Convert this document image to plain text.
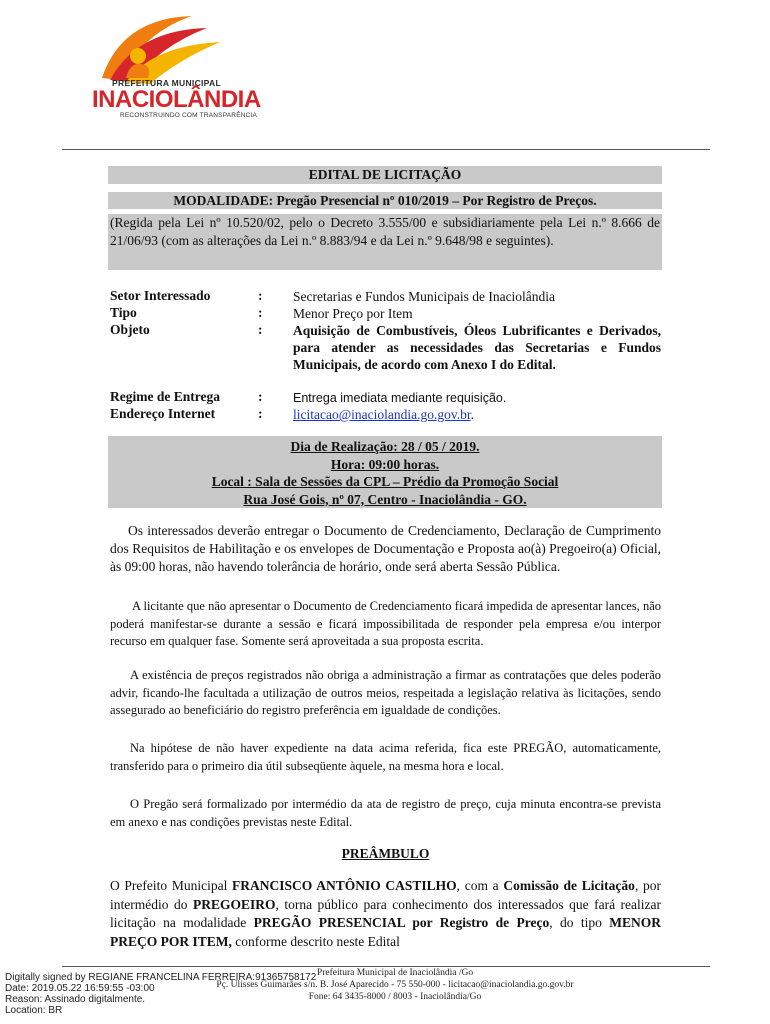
PREFEITURA MUNICIPAL
INACIOLÂNDIA
RECONSTRUINDO COM TRANSPARÊNCIA
EDITAL DE LICITAÇÃO
MODALIDADE: Pregão Presencial nº 010/2019 – Por Registro de Preços.
(Regida pela Lei nº 10.520/02, pelo o Decreto 3.555/00 e subsidiariamente pela Lei n.º 8.666 de 21/06/93 (com as alterações da Lei n.º 8.883/94 e da Lei n.º 9.648/98 e seguintes).
Setor Interessado	: Secretarias e Fundos Municipais de Inaciolândia
Tipo	: Menor Preço por Item
Objeto	: Aquisição de Combustíveis, Óleos Lubrificantes e Derivados, para atender as necessidades das Secretarias e Fundos Municipais, de acordo com Anexo I do Edital.
Regime de Entrega	: Entrega imediata mediante requisição.
Endereço Internet	: licitacao@inaciolandia.go.gov.br.
Dia de Realização: 28 / 05 / 2019.
Hora: 09:00 horas.
Local : Sala de Sessões da CPL – Prédio da Promoção Social
Rua José Gois, nº 07, Centro - Inaciolândia - GO.
Os interessados deverão entregar o Documento de Credenciamento, Declaração de Cumprimento dos Requisitos de Habilitação e os envelopes de Documentação e Proposta ao(à) Pregoeiro(a) Oficial, às 09:00 horas, não havendo tolerância de horário, onde será aberta Sessão Pública.
A licitante que não apresentar o Documento de Credenciamento ficará impedida de apresentar lances, não poderá manifestar-se durante a sessão e ficará impossibilitada de responder pela empresa e/ou interpor recurso em qualquer fase. Somente será aproveitada a sua proposta escrita.
A existência de preços registrados não obriga a administração a firmar as contratações que deles poderão advir, ficando-lhe facultada a utilização de outros meios, respeitada a legislação relativa às licitações, sendo assegurado ao beneficiário do registro preferência em igualdade de condições.
Na hipótese de não haver expediente na data acima referida, fica este PREGÃO, automaticamente, transferido para o primeiro dia útil subseqüente àquele, na mesma hora e local.
O Pregão será formalizado por intermédio da ata de registro de preço, cuja minuta encontra-se prevista em anexo e nas condições previstas neste Edital.
PREÂMBULO
O Prefeito Municipal FRANCISCO ANTÔNIO CASTILHO, com a Comissão de Licitação, por intermédio do PREGOEIRO, torna público para conhecimento dos interessados que fará realizar licitação na modalidade PREGÃO PRESENCIAL por Registro de Preço, do tipo MENOR PREÇO POR ITEM, conforme descrito neste Edital
Prefeitura Municipal de Inaciolândia /Go
Pç. Ulisses Guimarães s/n. B. José Aparecido - 75 550-000 - licitacao@inaciolandia.go.gov.br
Fone: 64 3435-8000 / 8003 - Inaciolândia/Go
Digitally signed by REGIANE FRANCELINA FERREIRA:91365758172
Date: 2019.05.22 16:59:55 -03:00
Reason: Assinado digitalmente.
Location: BR
